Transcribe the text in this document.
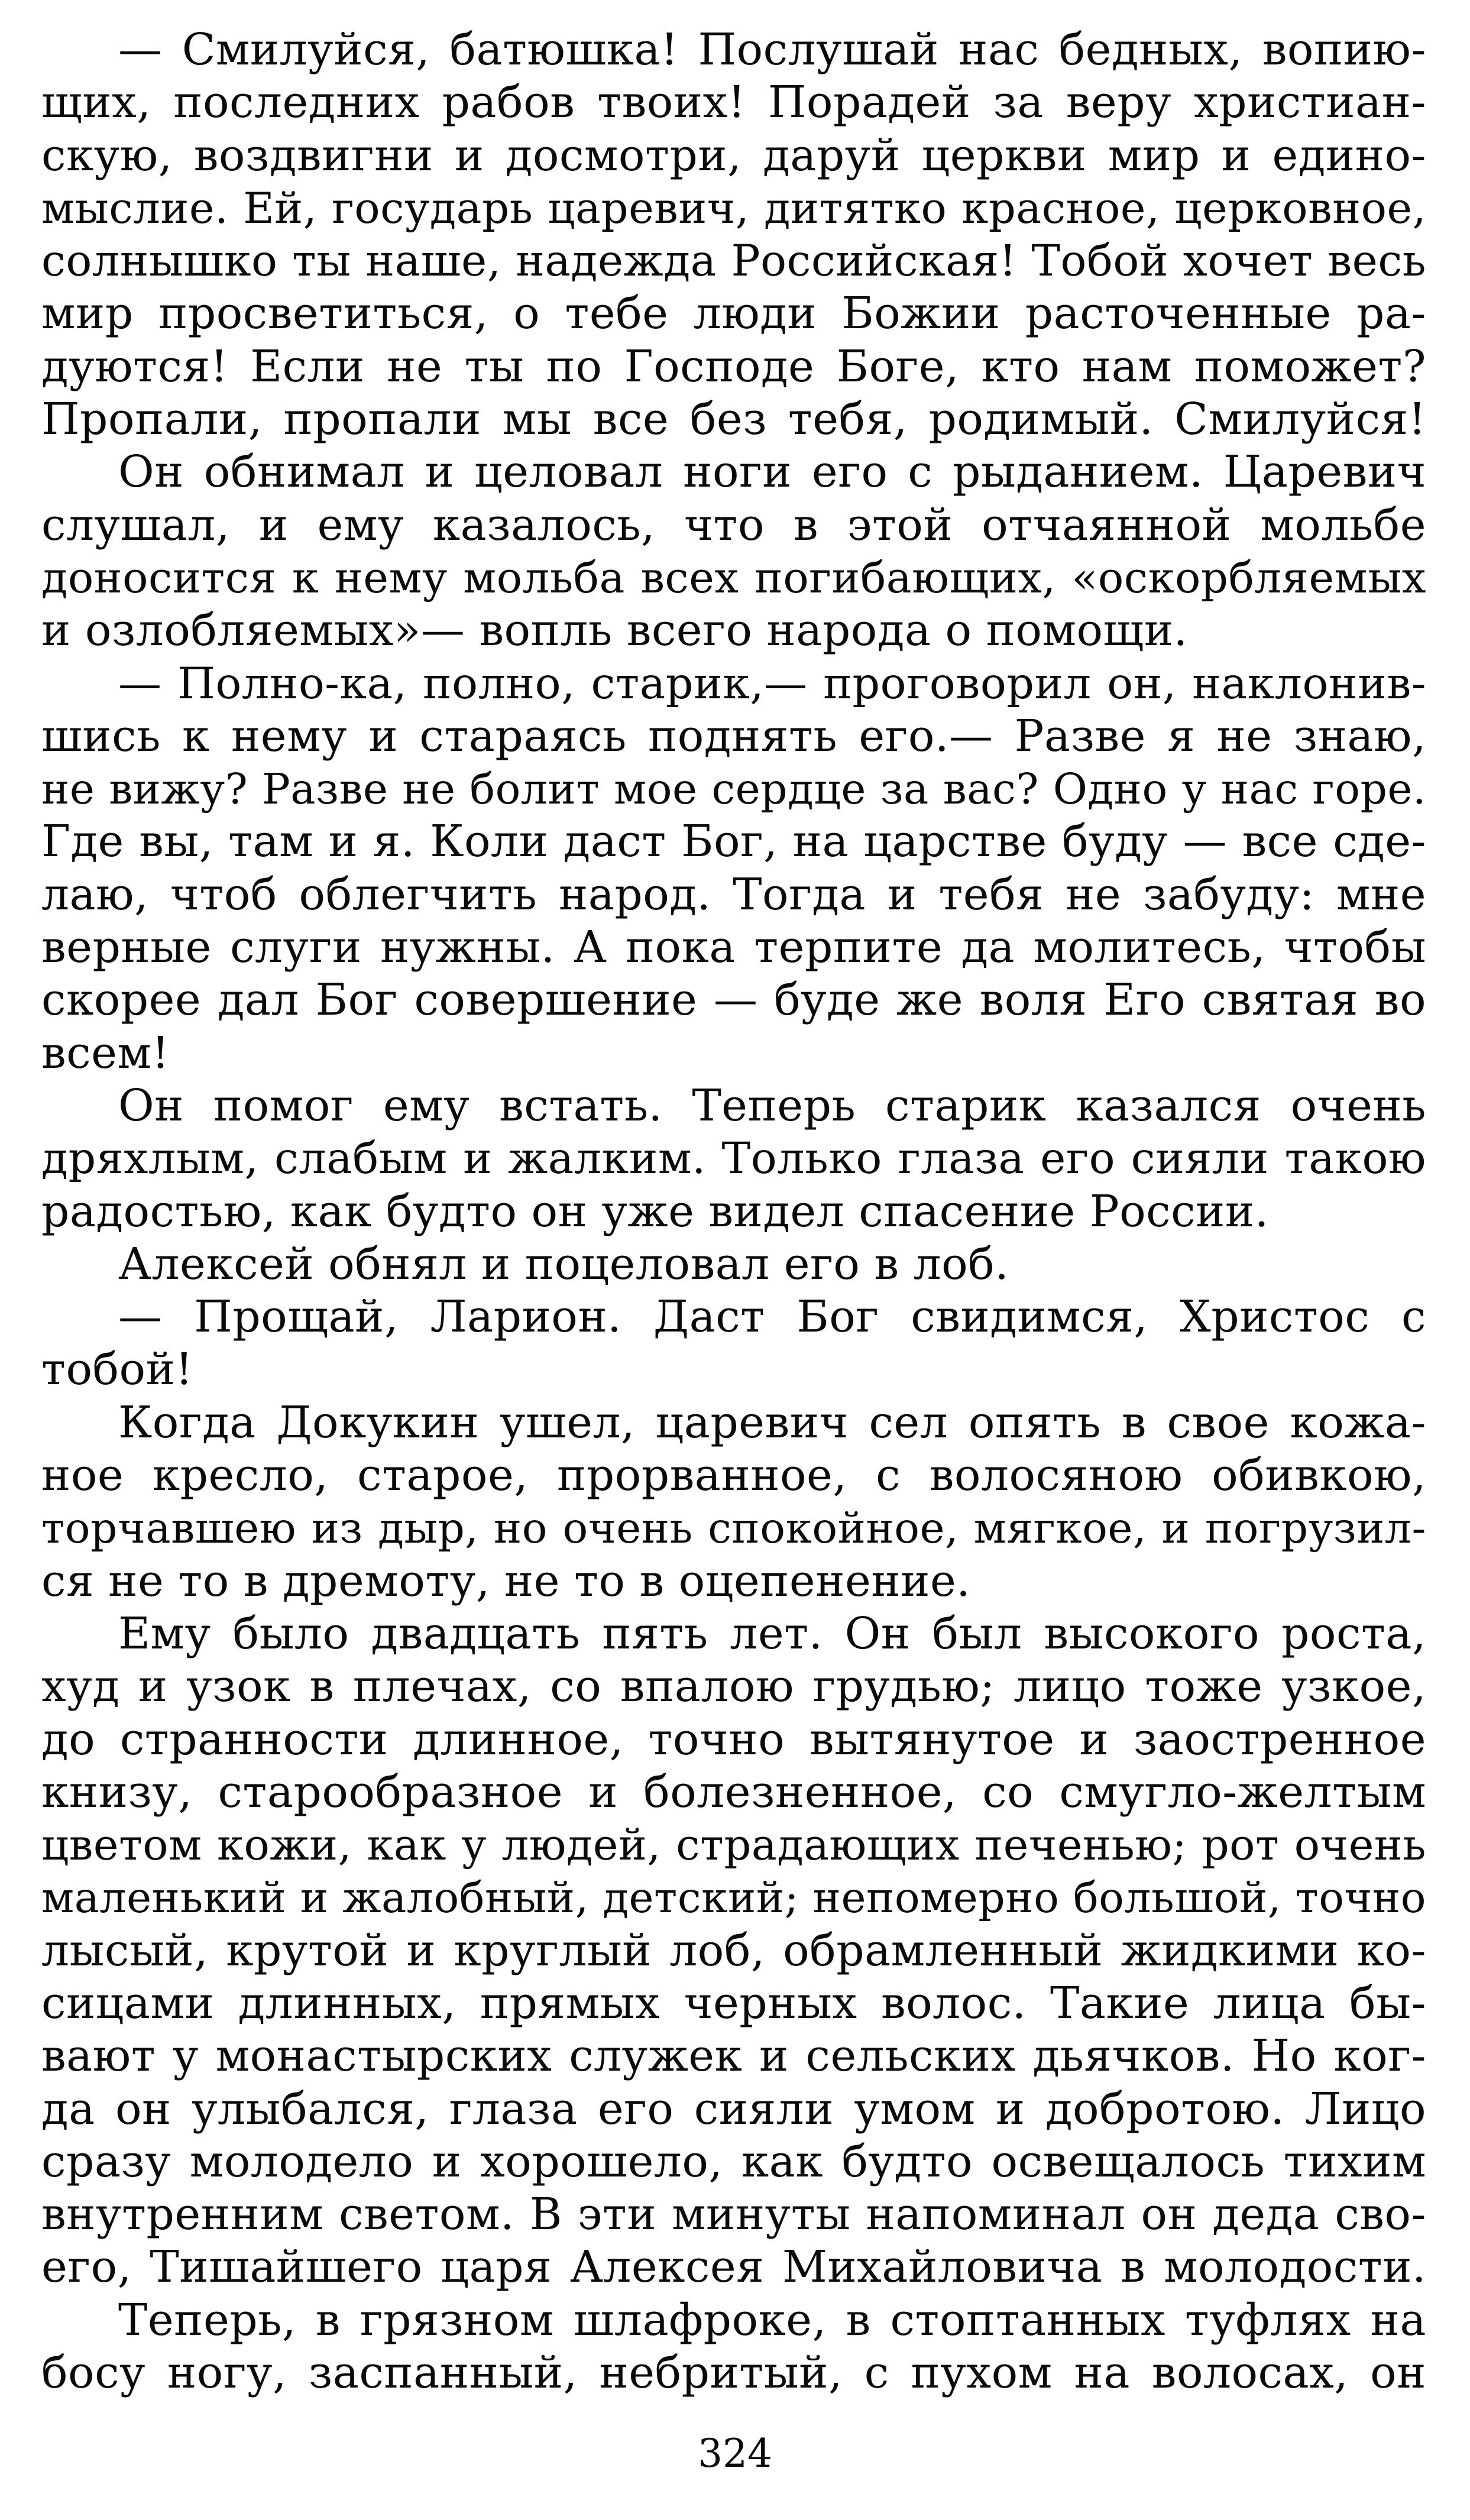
— Смилуйся, батюшка! Послушай нас бедных, вопию-
щих, последних рабов твоих! Порадей за веру христиан-
скую, воздвигни и досмотри, даруй церкви мир и едино-
мыслие. Ей, государь царевич, дитятко красное, церковное,
солнышко ты наше, надежда Российская! Тобой хочет весь
мир просветиться, о тебе люди Божии расточенные ра-
дуются! Если не ты по Господе Боге, кто нам поможет?
Пропали, пропали мы все без тебя, родимый. Смилуйся!
Он обнимал и целовал ноги его с рыданием. Царевич
слушал, и ему казалось, что в этой отчаянной мольбе
доносится к нему мольба всех погибающих, «оскорбляемых
и озлобляемых»— вопль всего народа о помощи.
— Полно-ка, полно, старик,— проговорил он, наклонив-
шись к нему и стараясь поднять его.— Разве я не знаю,
не вижу? Разве не болит мое сердце за вас? Одно у нас горе.
Где вы, там и я. Коли даст Бог, на царстве буду — все сде-
лаю, чтоб облегчить народ. Тогда и тебя не забуду: мне
верные слуги нужны. А пока терпите да молитесь, чтобы
скорее дал Бог совершение — буде же воля Его святая во
всем!
Он помог ему встать. Теперь старик казался очень
дряхлым, слабым и жалким. Только глаза его сияли такою
радостью, как будто он уже видел спасение России.
Алексей обнял и поцеловал его в лоб.
— Прощай, Ларион. Даст Бог свидимся, Христос с
тобой!
Когда Докукин ушел, царевич сел опять в свое кожа-
ное кресло, старое, прорванное, с волосяною обивкою,
торчавшею из дыр, но очень спокойное, мягкое, и погрузил-
ся не то в дремоту, не то в оцепенение.
Ему было двадцать пять лет. Он был высокого роста,
худ и узок в плечах, со впалою грудью; лицо тоже узкое,
до странности длинное, точно вытянутое и заостренное
книзу, старообразное и болезненное, со смугло-желтым
цветом кожи, как у людей, страдающих печенью; рот очень
маленький и жалобный, детский; непомерно большой, точно
лысый, крутой и круглый лоб, обрамленный жидкими ко-
сицами длинных, прямых черных волос. Такие лица бы-
вают у монастырских служек и сельских дьячков. Но ког-
да он улыбался, глаза его сияли умом и добротою. Лицо
сразу молодело и хорошело, как будто освещалось тихим
внутренним светом. В эти минуты напоминал он деда сво-
его, Тишайшего царя Алексея Михайловича в молодости.
Теперь, в грязном шлафроке, в стоптанных туфлях на
босу ногу, заспанный, небритый, с пухом на волосах, он
324
